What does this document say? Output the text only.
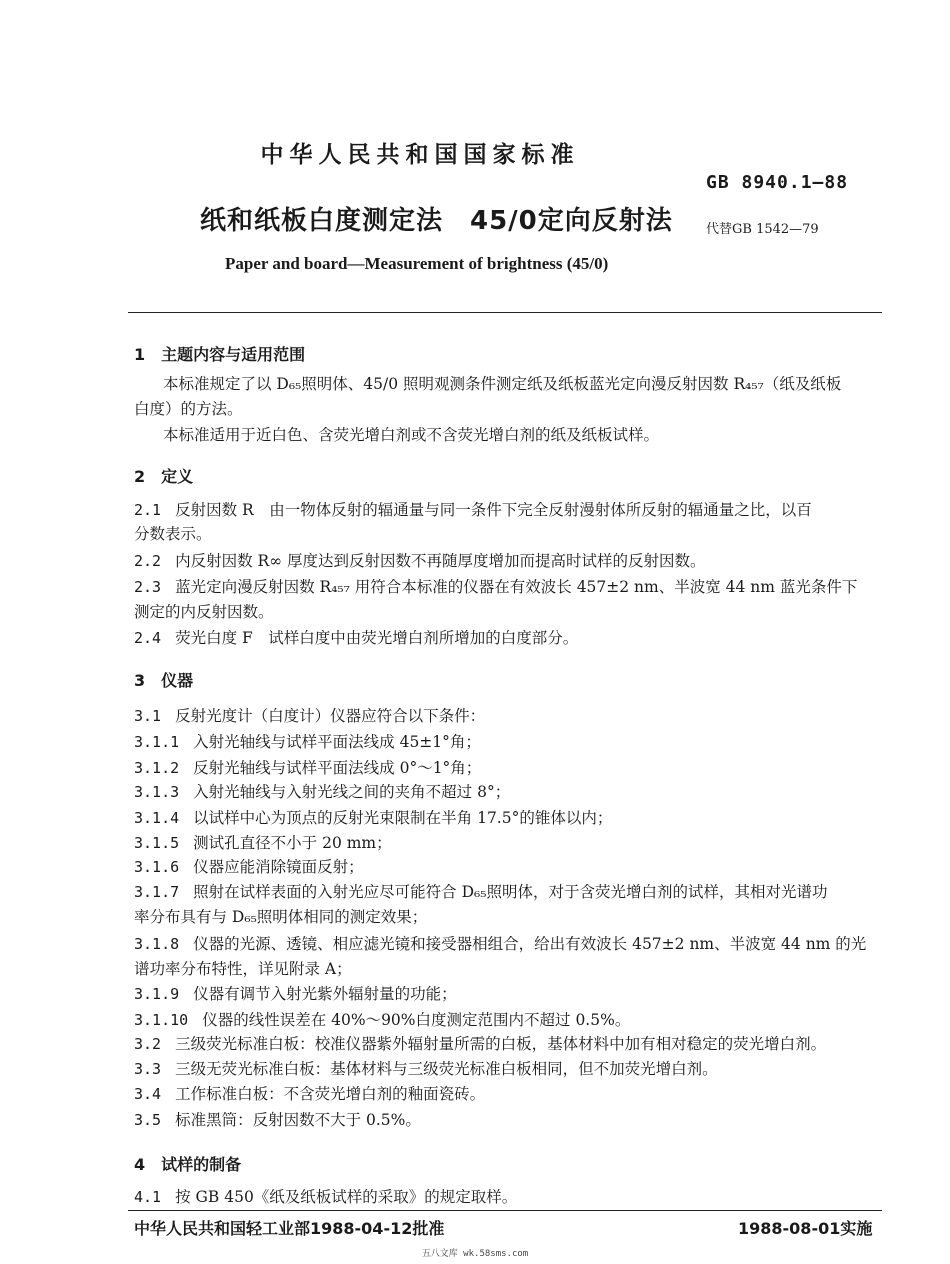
中华人民共和国国家标准
GB 8940.1—88
纸和纸板白度测定法　45/0定向反射法	代替GB 1542—79
Paper and board—Measurement of brightness (45/0)
1　主题内容与适用范围
本标准规定了以 D₆₅照明体、45/0 照明观测条件测定纸及纸板蓝光定向漫反射因数 R₄₅₇（纸及纸板
白度）的方法。
本标准适用于近白色、含荧光增白剂或不含荧光增白剂的纸及纸板试样。
2　定义
2.1 反射因数 R　由一物体反射的辐通量与同一条件下完全反射漫射体所反射的辐通量之比，以百
分数表示。
2.2 内反射因数 R∞ 厚度达到反射因数不再随厚度增加而提高时试样的反射因数。
2.3 蓝光定向漫反射因数 R₄₅₇ 用符合本标准的仪器在有效波长 457±2 nm、半波宽 44 nm 蓝光条件下
测定的内反射因数。
2.4 荧光白度 F　试样白度中由荧光增白剂所增加的白度部分。
3　仪器
3.1 反射光度计（白度计）仪器应符合以下条件：
3.1.1 入射光轴线与试样平面法线成 45±1°角；
3.1.2 反射光轴线与试样平面法线成 0°～1°角；
3.1.3 入射光轴线与入射光线之间的夹角不超过 8°；
3.1.4 以试样中心为顶点的反射光束限制在半角 17.5°的锥体以内；
3.1.5 测试孔直径不小于 20 mm；
3.1.6 仪器应能消除镜面反射；
3.1.7 照射在试样表面的入射光应尽可能符合 D₆₅照明体，对于含荧光增白剂的试样，其相对光谱功
率分布具有与 D₆₅照明体相同的测定效果；
3.1.8 仪器的光源、透镜、相应滤光镜和接受器相组合，给出有效波长 457±2 nm、半波宽 44 nm 的光
谱功率分布特性，详见附录 A；
3.1.9 仪器有调节入射光紫外辐射量的功能；
3.1.10 仪器的线性误差在 40%～90%白度测定范围内不超过 0.5%。
3.2 三级荧光标准白板：校准仪器紫外辐射量所需的白板，基体材料中加有相对稳定的荧光增白剂。
3.3 三级无荧光标准白板：基体材料与三级荧光标准白板相同，但不加荧光增白剂。
3.4 工作标准白板：不含荧光增白剂的釉面瓷砖。
3.5 标准黑筒：反射因数不大于 0.5%。
4　试样的制备
4.1 按 GB 450《纸及纸板试样的采取》的规定取样。
中华人民共和国轻工业部1988-04-12批准	1988-08-01实施
五八文库 wk.58sms.com
